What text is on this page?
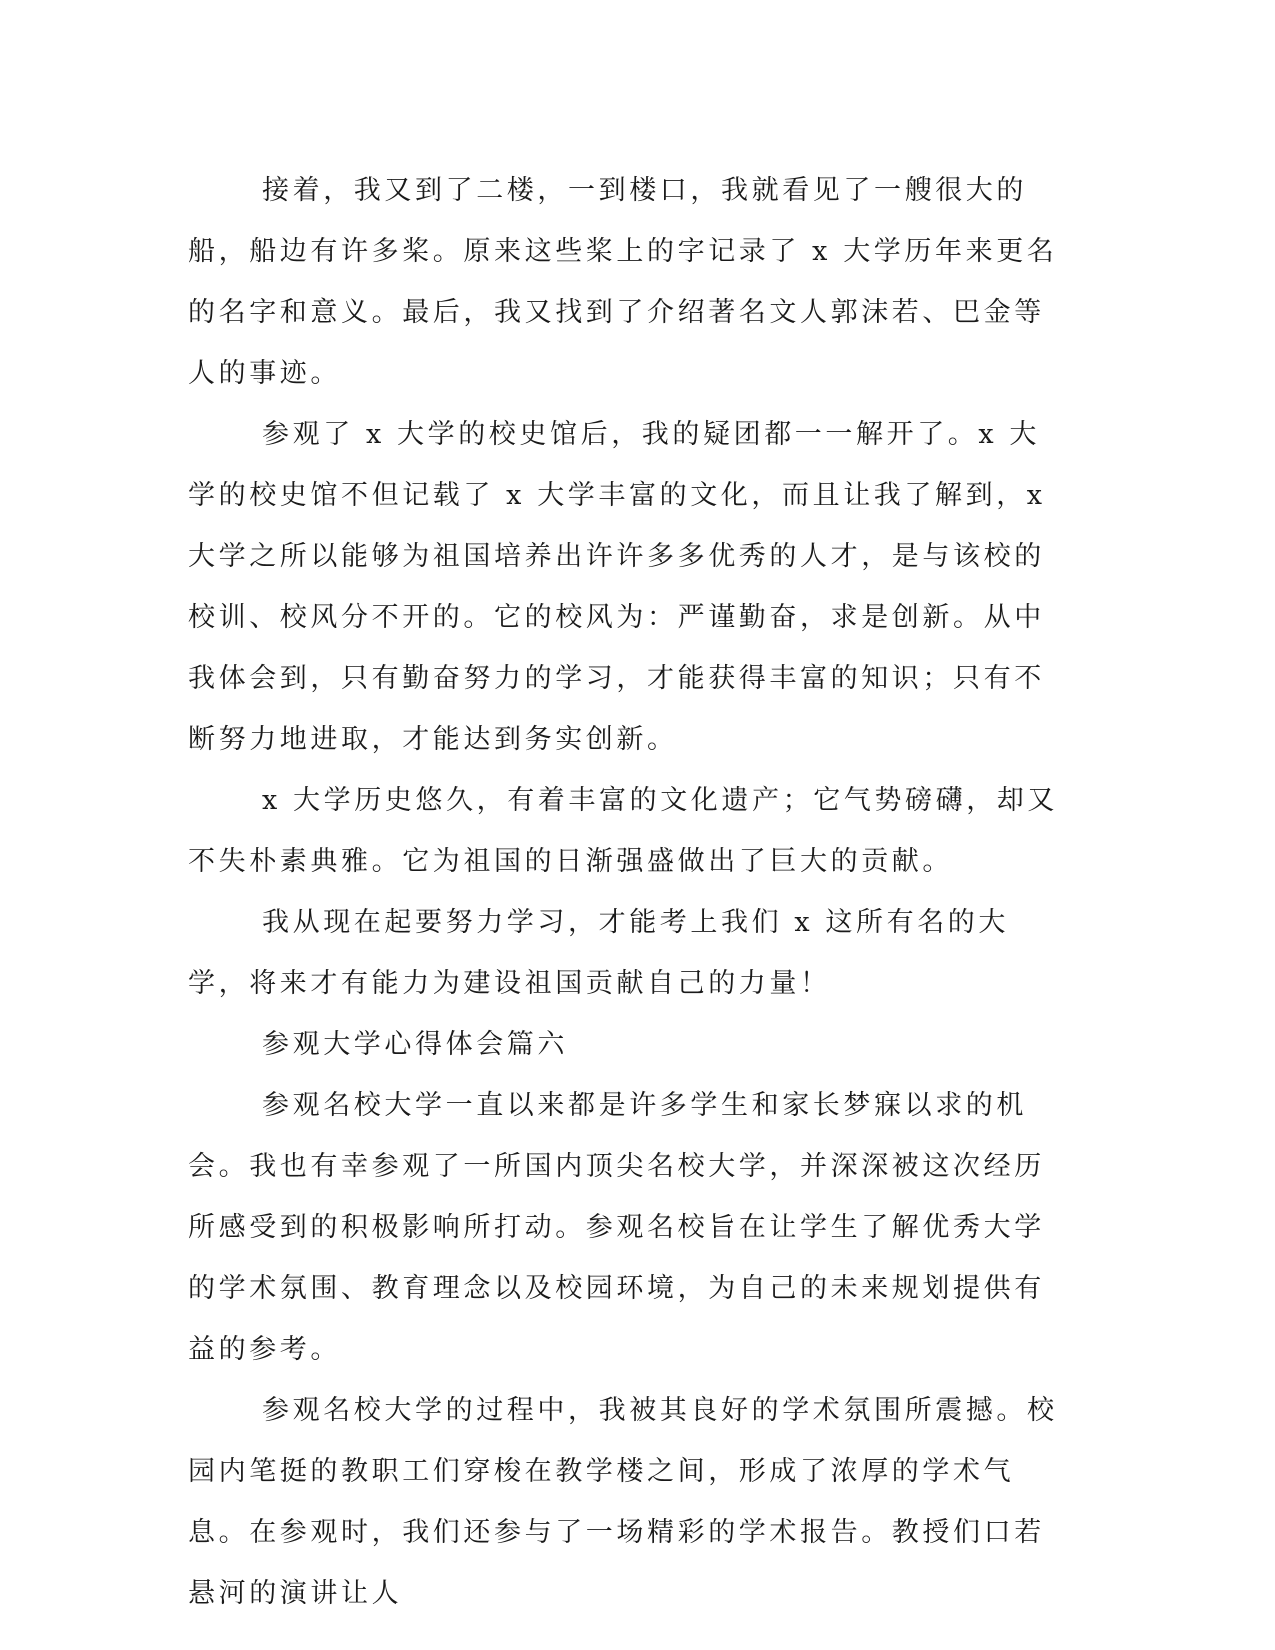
接着，我又到了二楼，一到楼口，我就看见了一艘很大的船，船边有许多桨。原来这些桨上的字记录了 x 大学历年来更名的名字和意义。最后，我又找到了介绍著名文人郭沫若、巴金等人的事迹。

参观了 x 大学的校史馆后，我的疑团都一一解开了。x 大学的校史馆不但记载了 x 大学丰富的文化，而且让我了解到，x 大学之所以能够为祖国培养出许许多多优秀的人才，是与该校的校训、校风分不开的。它的校风为：严谨勤奋，求是创新。从中我体会到，只有勤奋努力的学习，才能获得丰富的知识；只有不断努力地进取，才能达到务实创新。

x 大学历史悠久，有着丰富的文化遗产；它气势磅礴，却又不失朴素典雅。它为祖国的日渐强盛做出了巨大的贡献。

我从现在起要努力学习，才能考上我们 x 这所有名的大学，将来才有能力为建设祖国贡献自己的力量！

参观大学心得体会篇六

参观名校大学一直以来都是许多学生和家长梦寐以求的机会。我也有幸参观了一所国内顶尖名校大学，并深深被这次经历所感受到的积极影响所打动。参观名校旨在让学生了解优秀大学的学术氛围、教育理念以及校园环境，为自己的未来规划提供有益的参考。

参观名校大学的过程中，我被其良好的学术氛围所震撼。校园内笔挺的教职工们穿梭在教学楼之间，形成了浓厚的学术气息。在参观时，我们还参与了一场精彩的学术报告。教授们口若悬河的演讲让人
